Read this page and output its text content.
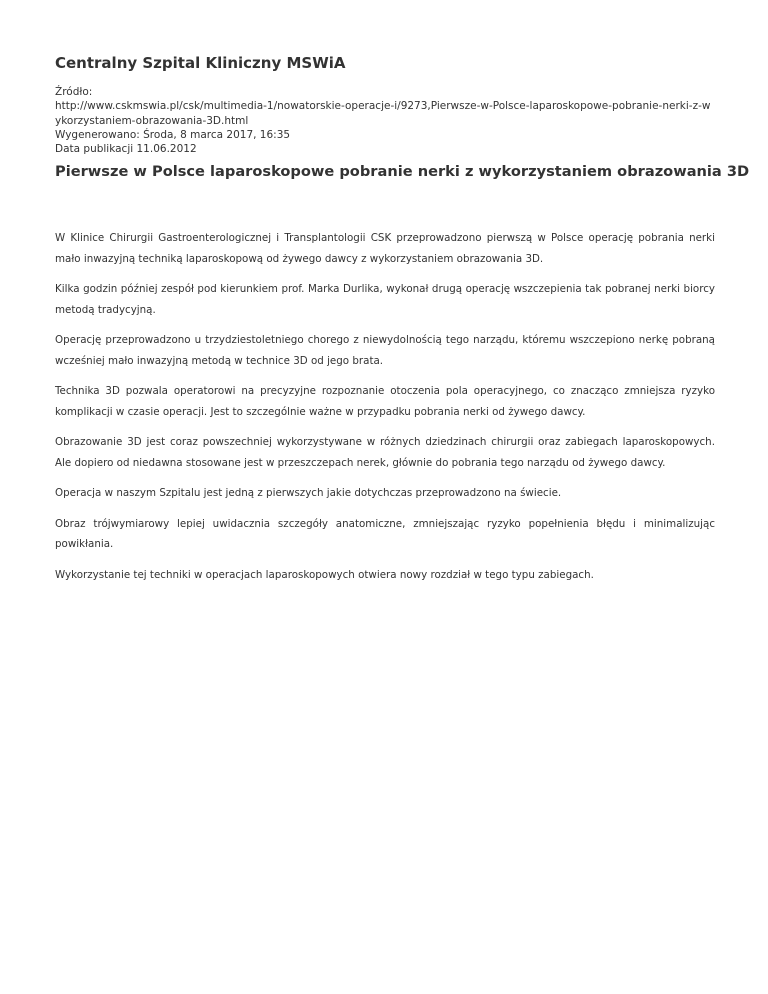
Centralny Szpital Kliniczny MSWiA
Źródło:
http://www.cskmswia.pl/csk/multimedia-1/nowatorskie-operacje-i/9273,Pierwsze-w-Polsce-laparoskopowe-pobranie-nerki-z-w
ykorzystaniem-obrazowania-3D.html
Wygenerowano: Środa, 8 marca 2017, 16:35
Data publikacji 11.06.2012
Pierwsze w Polsce laparoskopowe pobranie nerki z wykorzystaniem obrazowania 3D

W Klinice Chirurgii Gastroenterologicznej i Transplantologii CSK przeprowadzono pierwszą w Polsce operację pobrania nerki mało inwazyjną techniką laparoskopową od żywego dawcy z wykorzystaniem obrazowania 3D.

Kilka godzin później zespół pod kierunkiem prof. Marka Durlika, wykonał drugą operację wszczepienia tak pobranej nerki biorcy metodą tradycyjną.

Operację przeprowadzono u trzydziestoletniego chorego z niewydolnością tego narządu, któremu wszczepiono nerkę pobraną wcześniej mało inwazyjną metodą w technice 3D od jego brata.

Technika 3D pozwala operatorowi na precyzyjne rozpoznanie otoczenia pola operacyjnego, co znacząco zmniejsza ryzyko komplikacji w czasie operacji. Jest to szczególnie ważne w przypadku pobrania nerki od żywego dawcy.

Obrazowanie 3D jest coraz powszechniej wykorzystywane w różnych dziedzinach chirurgii oraz zabiegach laparoskopowych. Ale dopiero od niedawna stosowane jest w przeszczepach nerek, głównie do pobrania tego narządu od żywego dawcy.

Operacja w naszym Szpitalu jest jedną z pierwszych jakie dotychczas przeprowadzono na świecie.

Obraz trójwymiarowy lepiej uwidacznia szczegóły anatomiczne, zmniejszając ryzyko popełnienia błędu i minimalizując powikłania.

Wykorzystanie tej techniki w operacjach laparoskopowych otwiera nowy rozdział w tego typu zabiegach.
